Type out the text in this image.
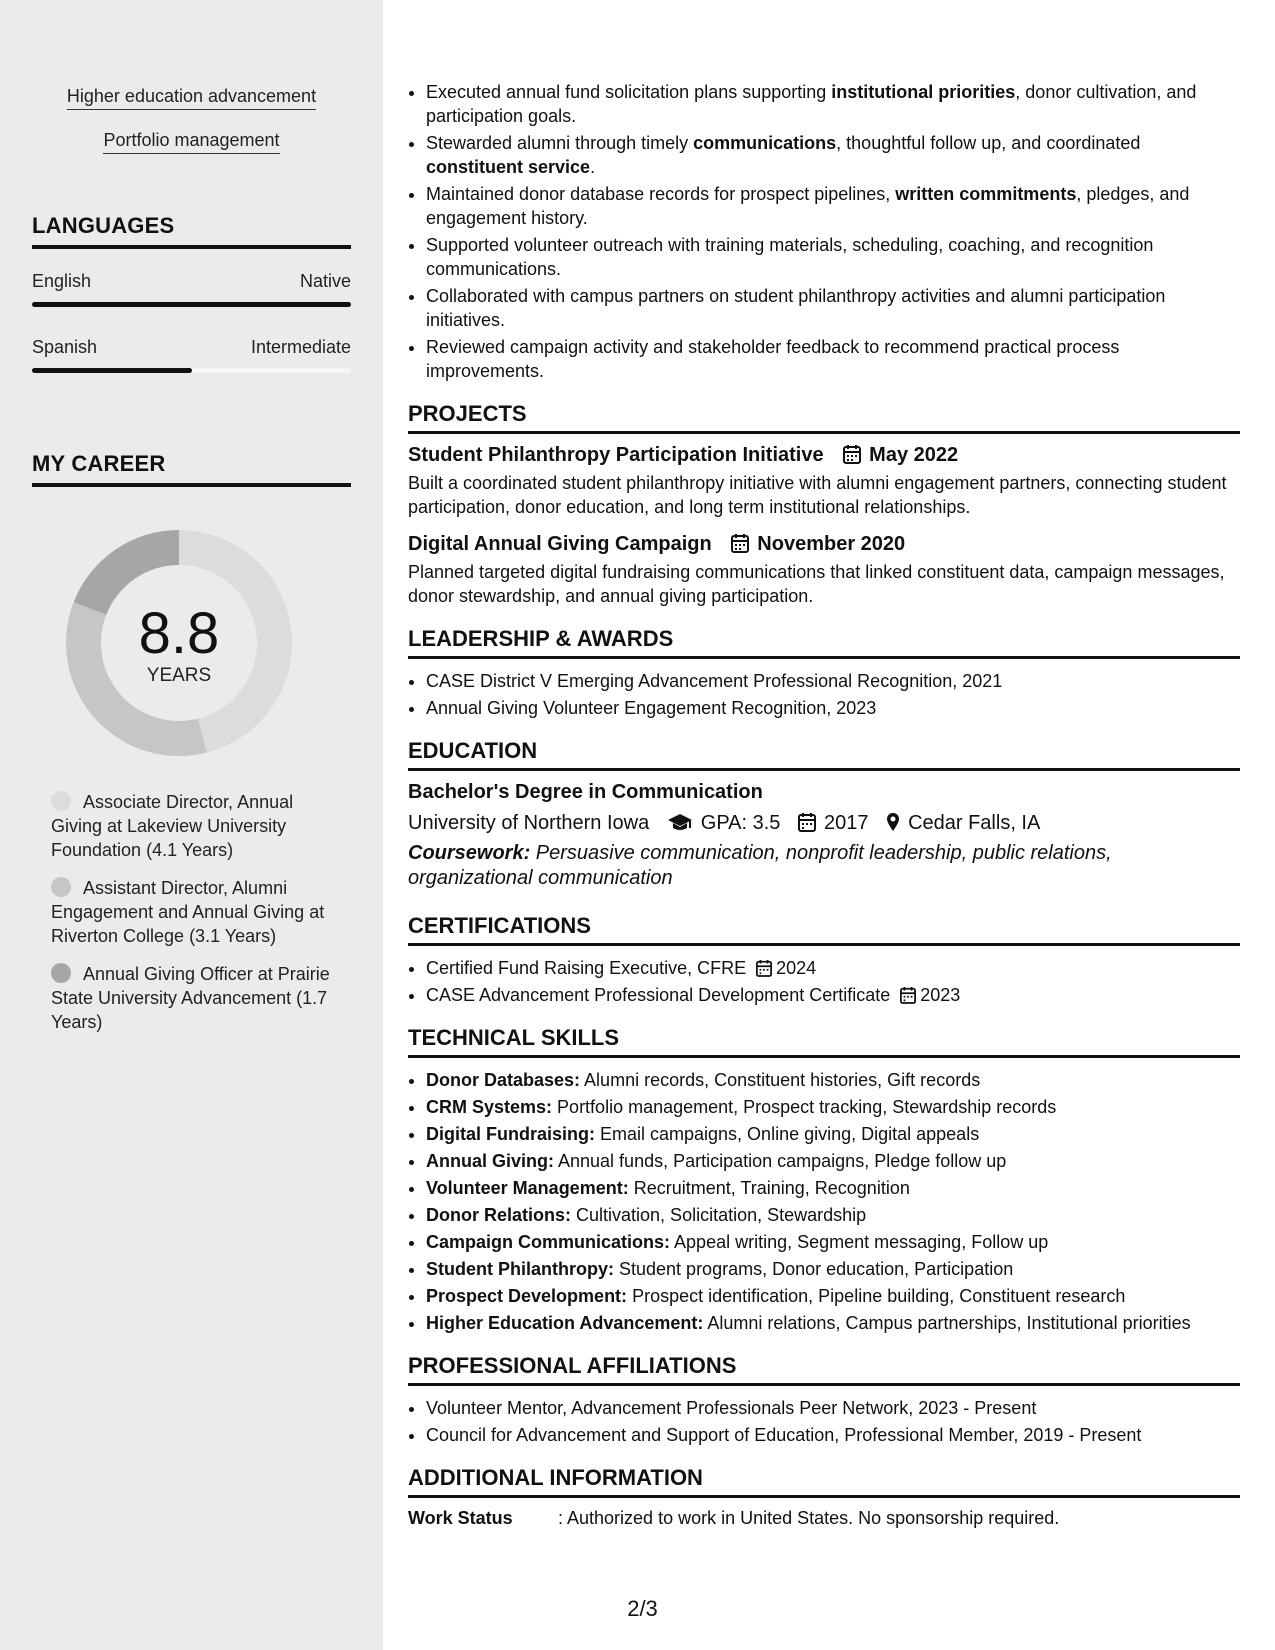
Higher education advancement
Portfolio management
LANGUAGES
English	Native
Spanish	Intermediate
MY CAREER
8.8
YEARS
Associate Director, Annual Giving at Lakeview University Foundation (4.1 Years)
Assistant Director, Alumni Engagement and Annual Giving at Riverton College (3.1 Years)
Annual Giving Officer at Prairie State University Advancement (1.7 Years)
• Executed annual fund solicitation plans supporting institutional priorities, donor cultivation, and participation goals.
• Stewarded alumni through timely communications, thoughtful follow up, and coordinated constituent service.
• Maintained donor database records for prospect pipelines, written commitments, pledges, and engagement history.
• Supported volunteer outreach with training materials, scheduling, coaching, and recognition communications.
• Collaborated with campus partners on student philanthropy activities and alumni participation initiatives.
• Reviewed campaign activity and stakeholder feedback to recommend practical process improvements.
PROJECTS
Student Philanthropy Participation Initiative May 2022
Built a coordinated student philanthropy initiative with alumni engagement partners, connecting student participation, donor education, and long term institutional relationships.
Digital Annual Giving Campaign November 2020
Planned targeted digital fundraising communications that linked constituent data, campaign messages, donor stewardship, and annual giving participation.
LEADERSHIP & AWARDS
• CASE District V Emerging Advancement Professional Recognition, 2021
• Annual Giving Volunteer Engagement Recognition, 2023
EDUCATION
Bachelor's Degree in Communication
University of Northern Iowa	GPA: 3.5 2017 Cedar Falls, IA
Coursework: Persuasive communication, nonprofit leadership, public relations, organizational communication
CERTIFICATIONS
• Certified Fund Raising Executive, CFRE 2024
• CASE Advancement Professional Development Certificate 2023
TECHNICAL SKILLS
• Donor Databases: Alumni records, Constituent histories, Gift records
• CRM Systems: Portfolio management, Prospect tracking, Stewardship records
• Digital Fundraising: Email campaigns, Online giving, Digital appeals
• Annual Giving: Annual funds, Participation campaigns, Pledge follow up
• Volunteer Management: Recruitment, Training, Recognition
• Donor Relations: Cultivation, Solicitation, Stewardship
• Campaign Communications: Appeal writing, Segment messaging, Follow up
• Student Philanthropy: Student programs, Donor education, Participation
• Prospect Development: Prospect identification, Pipeline building, Constituent research
• Higher Education Advancement: Alumni relations, Campus partnerships, Institutional priorities
PROFESSIONAL AFFILIATIONS
• Volunteer Mentor, Advancement Professionals Peer Network, 2023 - Present
• Council for Advancement and Support of Education, Professional Member, 2019 - Present
ADDITIONAL INFORMATION
Work Status	: Authorized to work in United States. No sponsorship required.
2/3
